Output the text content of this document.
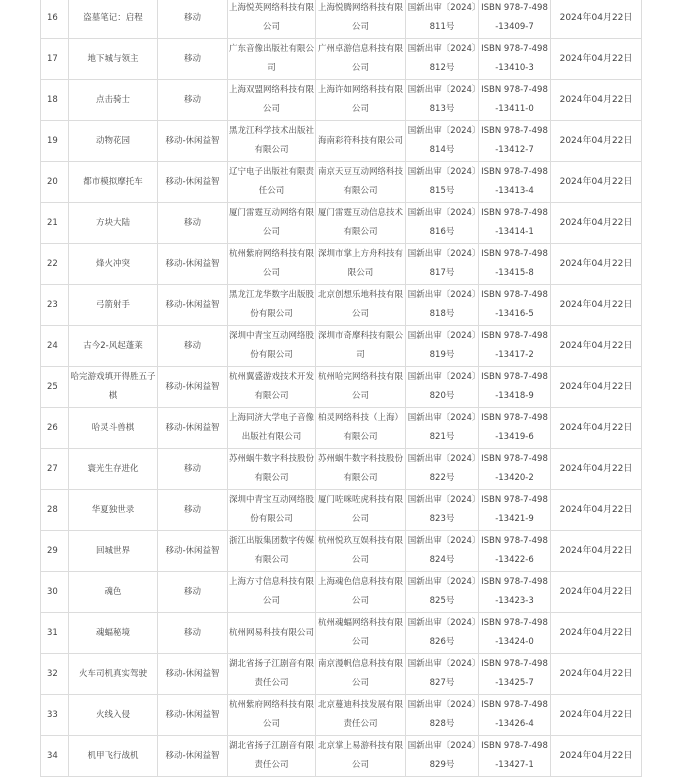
16	盗墓笔记：启程	移动	上海悦英网络科技有限公司	上海悦腾网络科技有限公司	国新出审〔2024〕811号	ISBN 978-7-498-13409-7	2024年04月22日
17	地下城与领主	移动	广东音像出版社有限公司	广州卓游信息科技有限公司	国新出审〔2024〕812号	ISBN 978-7-498-13410-3	2024年04月22日
18	点击骑士	移动	上海双盟网络科技有限公司	上海许如网络科技有限公司	国新出审〔2024〕813号	ISBN 978-7-498-13411-0	2024年04月22日
19	动物花园	移动-休闲益智	黑龙江科学技术出版社有限公司	海南彩符科技有限公司	国新出审〔2024〕814号	ISBN 978-7-498-13412-7	2024年04月22日
20	都市模拟摩托车	移动-休闲益智	辽宁电子出版社有限责任公司	南京天豆互动网络科技有限公司	国新出审〔2024〕815号	ISBN 978-7-498-13413-4	2024年04月22日
21	方块大陆	移动	厦门雷霆互动网络有限公司	厦门雷霆互动信息技术有限公司	国新出审〔2024〕816号	ISBN 978-7-498-13414-1	2024年04月22日
22	烽火冲突	移动-休闲益智	杭州紫府网络科技有限公司	深圳市掌上方舟科技有限公司	国新出审〔2024〕817号	ISBN 978-7-498-13415-8	2024年04月22日
23	弓箭射手	移动-休闲益智	黑龙江龙华数字出版股份有限公司	北京创想乐地科技有限公司	国新出审〔2024〕818号	ISBN 978-7-498-13416-5	2024年04月22日
24	古今2-风起蓬莱	移动	深圳中青宝互动网络股份有限公司	深圳市奇摩科技有限公司	国新出审〔2024〕819号	ISBN 978-7-498-13417-2	2024年04月22日
25	哈完游戏填开得胜五子棋	移动-休闲益智	杭州翼盛游戏技术开发有限公司	杭州哈完网络科技有限公司	国新出审〔2024〕820号	ISBN 978-7-498-13418-9	2024年04月22日
26	哈灵斗兽棋	移动-休闲益智	上海同济大学电子音像出版社有限公司	柏灵网络科技（上海）有限公司	国新出审〔2024〕821号	ISBN 978-7-498-13419-6	2024年04月22日
27	寰光生存进化	移动	苏州蜗牛数字科技股份有限公司	苏州蜗牛数字科技股份有限公司	国新出审〔2024〕822号	ISBN 978-7-498-13420-2	2024年04月22日
28	华夏独世录	移动	深圳中青宝互动网络股份有限公司	厦门咗咪咗虎科技有限公司	国新出审〔2024〕823号	ISBN 978-7-498-13421-9	2024年04月22日
29	回城世界	移动-休闲益智	浙江出版集团数字传媒有限公司	杭州悦玖互娱科技有限公司	国新出审〔2024〕824号	ISBN 978-7-498-13422-6	2024年04月22日
30	魂色	移动	上海方寸信息科技有限公司	上海魂色信息科技有限公司	国新出审〔2024〕825号	ISBN 978-7-498-13423-3	2024年04月22日
31	魂蝠秘境	移动	杭州网易科技有限公司	杭州魂蝠网络科技有限公司	国新出审〔2024〕826号	ISBN 978-7-498-13424-0	2024年04月22日
32	火车司机真实驾驶	移动-休闲益智	湖北省扬子江剧音有限责任公司	南京漫帆信息科技有限公司	国新出审〔2024〕827号	ISBN 978-7-498-13425-7	2024年04月22日
33	火线入侵	移动-休闲益智	杭州紫府网络科技有限公司	北京蔓迪科技发展有限责任公司	国新出审〔2024〕828号	ISBN 978-7-498-13426-4	2024年04月22日
34	机甲飞行战机	移动-休闲益智	湖北省扬子江剧音有限责任公司	北京掌上易游科技有限公司	国新出审〔2024〕829号	ISBN 978-7-498-13427-1	2024年04月22日
